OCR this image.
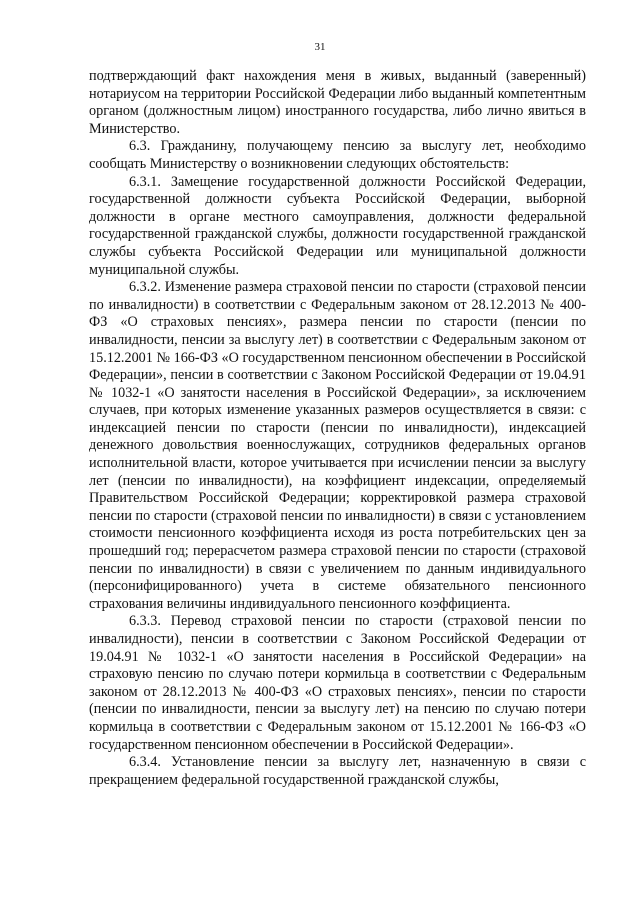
31

подтверждающий факт нахождения меня в живых, выданный (заверенный) нотариусом на территории Российской Федерации либо выданный компетентным органом (должностным лицом) иностранного государства, либо лично явиться в Министерство.

6.3. Гражданину, получающему пенсию за выслугу лет, необходимо сообщать Министерству о возникновении следующих обстоятельств:

6.3.1. Замещение государственной должности Российской Федерации, государственной должности субъекта Российской Федерации, выборной должности в органе местного самоуправления, должности федеральной государственной гражданской службы, должности государственной гражданской службы субъекта Российской Федерации или муниципальной должности муниципальной службы.

6.3.2. Изменение размера страховой пенсии по старости (страховой пенсии по инвалидности) в соответствии с Федеральным законом от 28.12.2013 № 400-ФЗ «О страховых пенсиях», размера пенсии по старости (пенсии по инвалидности, пенсии за выслугу лет) в соответствии с Федеральным законом от 15.12.2001 № 166-ФЗ «О государственном пенсионном обеспечении в Российской Федерации», пенсии в соответствии с Законом Российской Федерации от 19.04.91 № 1032-1 «О занятости населения в Российской Федерации», за исключением случаев, при которых изменение указанных размеров осуществляется в связи: с индексацией пенсии по старости (пенсии по инвалидности), индексацией денежного довольствия военнослужащих, сотрудников федеральных органов исполнительной власти, которое учитывается при исчислении пенсии за выслугу лет (пенсии по инвалидности), на коэффициент индексации, определяемый Правительством Российской Федерации; корректировкой размера страховой пенсии по старости (страховой пенсии по инвалидности) в связи с установлением стоимости пенсионного коэффициента исходя из роста потребительских цен за прошедший год; перерасчетом размера страховой пенсии по старости (страховой пенсии по инвалидности) в связи с увеличением по данным индивидуального (персонифицированного) учета в системе обязательного пенсионного страхования величины индивидуального пенсионного коэффициента.

6.3.3. Перевод страховой пенсии по старости (страховой пенсии по инвалидности), пенсии в соответствии с Законом Российской Федерации от 19.04.91 № 1032-1 «О занятости населения в Российской Федерации» на страховую пенсию по случаю потери кормильца в соответствии с Федеральным законом от 28.12.2013 № 400-ФЗ «О страховых пенсиях», пенсии по старости (пенсии по инвалидности, пенсии за выслугу лет) на пенсию по случаю потери кормильца в соответствии с Федеральным законом от 15.12.2001 № 166-ФЗ «О государственном пенсионном обеспечении в Российской Федерации».

6.3.4. Установление пенсии за выслугу лет, назначенную в связи с прекращением федеральной государственной гражданской службы,
